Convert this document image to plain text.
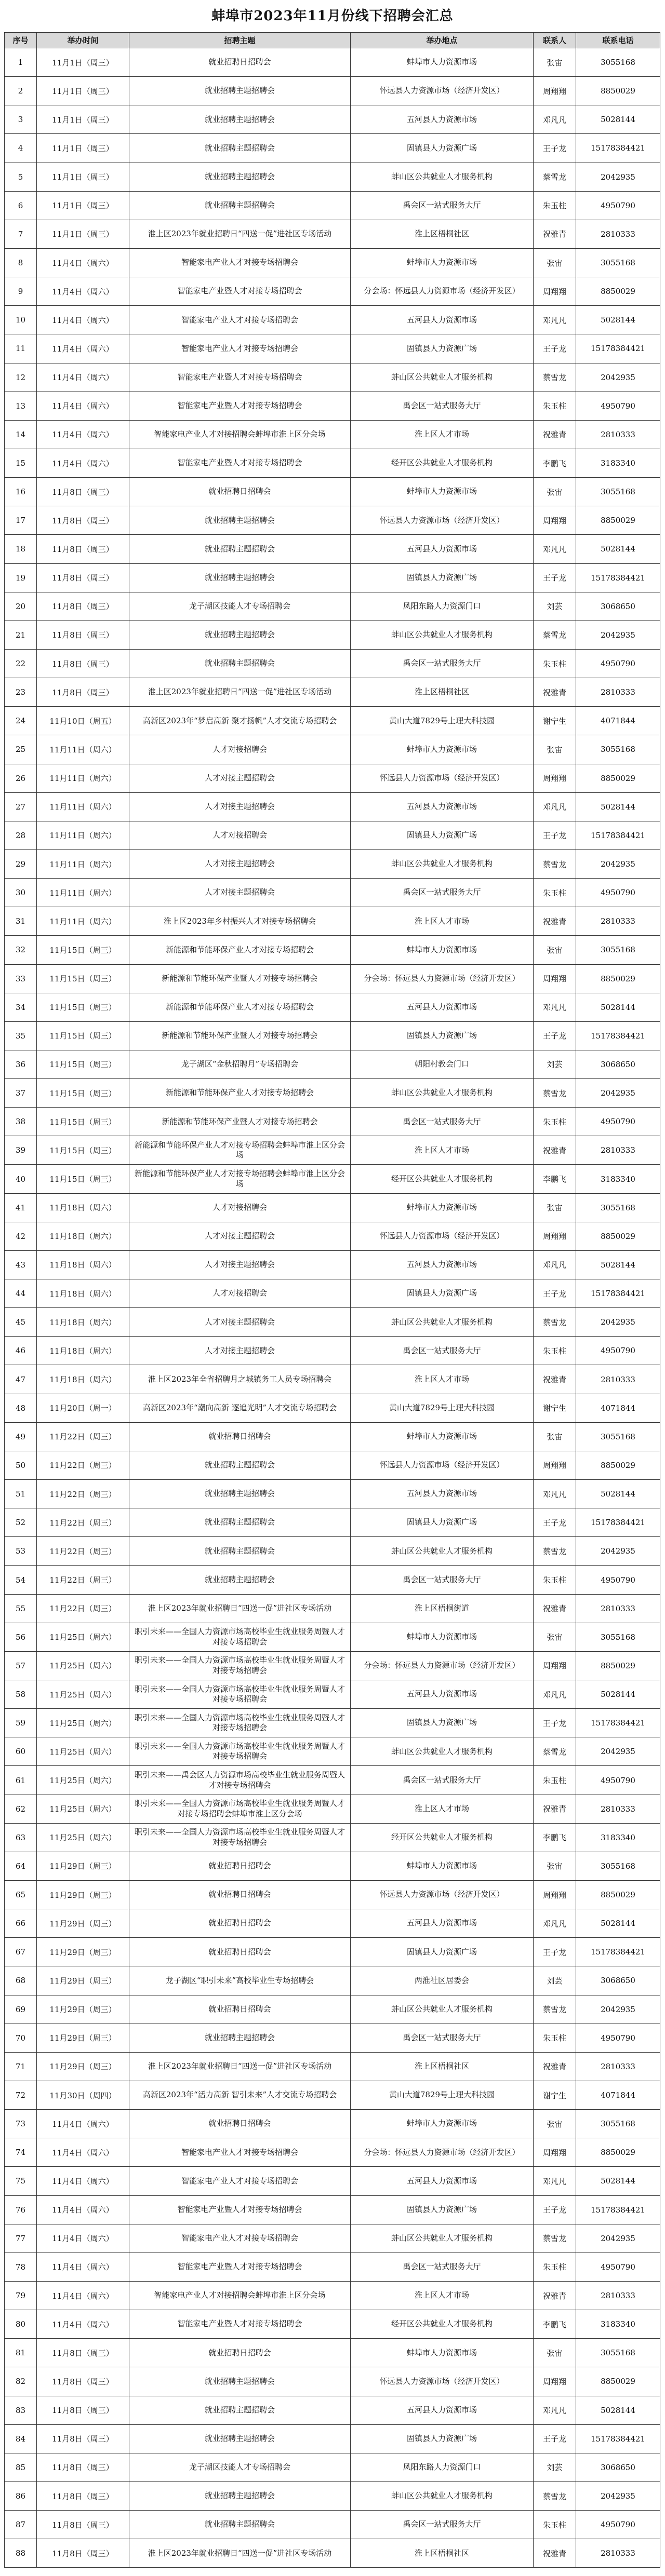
蚌埠市2023年11月份线下招聘会汇总
序号	举办时间	招聘主题	举办地点	联系人	联系电话
1	11月1日（周三）	就业招聘日招聘会	蚌埠市人力资源市场	张宙	3055168
2	11月1日（周三）	就业招聘主题招聘会	怀远县人力资源市场（经济开发区）	周翔翔	8850029
3	11月1日（周三）	就业招聘主题招聘会	五河县人力资源市场	邓凡凡	5028144
4	11月1日（周三）	就业招聘主题招聘会	固镇县人力资源广场	王子龙	15178384421
5	11月1日（周三）	就业招聘主题招聘会	蚌山区公共就业人才服务机构	蔡雪龙	2042935
6	11月1日（周三）	就业招聘主题招聘会	禹会区一站式服务大厅	朱玉柱	4950790
7	11月1日（周三）	淮上区2023年就业招聘日“四送一促”进社区专场活动	淮上区梧桐社区	祝雅青	2810333
8	11月4日（周六）	智能家电产业人才对接专场招聘会	蚌埠市人力资源市场	张宙	3055168
9	11月4日（周六）	智能家电产业暨人才对接专场招聘会	分会场：怀远县人力资源市场（经济开发区）	周翔翔	8850029
10	11月4日（周六）	智能家电产业人才对接专场招聘会	五河县人力资源市场	邓凡凡	5028144
11	11月4日（周六）	智能家电产业人才对接专场招聘会	固镇县人力资源广场	王子龙	15178384421
12	11月4日（周六）	智能家电产业暨人才对接专场招聘会	蚌山区公共就业人才服务机构	蔡雪龙	2042935
13	11月4日（周六）	智能家电产业暨人才对接专场招聘会	禹会区一站式服务大厅	朱玉柱	4950790
14	11月4日（周六）	智能家电产业人才对接招聘会蚌埠市淮上区分会场	淮上区人才市场	祝雅青	2810333
15	11月4日（周六）	智能家电产业暨人才对接专场招聘会	经开区公共就业人才服务机构	李鹏飞	3183340
16	11月8日（周三）	就业招聘日招聘会	蚌埠市人力资源市场	张宙	3055168
17	11月8日（周三）	就业招聘主题招聘会	怀远县人力资源市场（经济开发区）	周翔翔	8850029
18	11月8日（周三）	就业招聘主题招聘会	五河县人力资源市场	邓凡凡	5028144
19	11月8日（周三）	就业招聘主题招聘会	固镇县人力资源广场	王子龙	15178384421
20	11月8日（周三）	龙子湖区技能人才专场招聘会	凤阳东路人力资源门口	刘芸	3068650
21	11月8日（周三）	就业招聘主题招聘会	蚌山区公共就业人才服务机构	蔡雪龙	2042935
22	11月8日（周三）	就业招聘主题招聘会	禹会区一站式服务大厅	朱玉柱	4950790
23	11月8日（周三）	淮上区2023年就业招聘日“四送一促”进社区专场活动	淮上区梧桐社区	祝雅青	2810333
24	11月10日（周五）	高新区2023年“梦启高新 聚才扬帆”人才交流专场招聘会	黄山大道7829号上理大科技园	谢宁生	4071844
25	11月11日（周六）	人才对接招聘会	蚌埠市人力资源市场	张宙	3055168
26	11月11日（周六）	人才对接主题招聘会	怀远县人力资源市场（经济开发区）	周翔翔	8850029
27	11月11日（周六）	人才对接主题招聘会	五河县人力资源市场	邓凡凡	5028144
28	11月11日（周六）	人才对接招聘会	固镇县人力资源广场	王子龙	15178384421
29	11月11日（周六）	人才对接主题招聘会	蚌山区公共就业人才服务机构	蔡雪龙	2042935
30	11月11日（周六）	人才对接主题招聘会	禹会区一站式服务大厅	朱玉柱	4950790
31	11月11日（周六）	淮上区2023年乡村振兴人才对接专场招聘会	淮上区人才市场	祝雅青	2810333
32	11月15日（周三）	新能源和节能环保产业人才对接专场招聘会	蚌埠市人力资源市场	张宙	3055168
33	11月15日（周三）	新能源和节能环保产业暨人才对接专场招聘会	分会场：怀远县人力资源市场（经济开发区）	周翔翔	8850029
34	11月15日（周三）	新能源和节能环保产业人才对接专场招聘会	五河县人力资源市场	邓凡凡	5028144
35	11月15日（周三）	新能源和节能环保产业暨人才对接专场招聘会	固镇县人力资源广场	王子龙	15178384421
36	11月15日（周三）	龙子湖区“金秋招聘月”专场招聘会	朝阳村教会门口	刘芸	3068650
37	11月15日（周三）	新能源和节能环保产业人才对接专场招聘会	蚌山区公共就业人才服务机构	蔡雪龙	2042935
38	11月15日（周三）	新能源和节能环保产业暨人才对接专场招聘会	禹会区一站式服务大厅	朱玉柱	4950790
39	11月15日（周三）	新能源和节能环保产业人才对接专场招聘会蚌埠市淮上区分会场	淮上区人才市场	祝雅青	2810333
40	11月15日（周三）	新能源和节能环保产业人才对接专场招聘会蚌埠市淮上区分会场	经开区公共就业人才服务机构	李鹏飞	3183340
41	11月18日（周六）	人才对接招聘会	蚌埠市人力资源市场	张宙	3055168
42	11月18日（周六）	人才对接主题招聘会	怀远县人力资源市场（经济开发区）	周翔翔	8850029
43	11月18日（周六）	人才对接主题招聘会	五河县人力资源市场	邓凡凡	5028144
44	11月18日（周六）	人才对接招聘会	固镇县人力资源广场	王子龙	15178384421
45	11月18日（周六）	人才对接主题招聘会	蚌山区公共就业人才服务机构	蔡雪龙	2042935
46	11月18日（周六）	人才对接主题招聘会	禹会区一站式服务大厅	朱玉柱	4950790
47	11月18日（周六）	淮上区2023年全省招聘月之城镇务工人员专场招聘会	淮上区人才市场	祝雅青	2810333
48	11月20日（周一）	高新区2023年“潮向高新 逐追光明”人才交流专场招聘会	黄山大道7829号上理大科技园	谢宁生	4071844
49	11月22日（周三）	就业招聘日招聘会	蚌埠市人力资源市场	张宙	3055168
50	11月22日（周三）	就业招聘主题招聘会	怀远县人力资源市场（经济开发区）	周翔翔	8850029
51	11月22日（周三）	就业招聘主题招聘会	五河县人力资源市场	邓凡凡	5028144
52	11月22日（周三）	就业招聘主题招聘会	固镇县人力资源广场	王子龙	15178384421
53	11月22日（周三）	就业招聘主题招聘会	蚌山区公共就业人才服务机构	蔡雪龙	2042935
54	11月22日（周三）	就业招聘主题招聘会	禹会区一站式服务大厅	朱玉柱	4950790
55	11月22日（周三）	淮上区2023年就业招聘日“四送一促”进社区专场活动	淮上区梧桐街道	祝雅青	2810333
56	11月25日（周六）	职引未来——全国人力资源市场高校毕业生就业服务周暨人才对接专场招聘会	蚌埠市人力资源市场	张宙	3055168
57	11月25日（周六）	职引未来——全国人力资源市场高校毕业生就业服务周暨人才对接专场招聘会	分会场：怀远县人力资源市场（经济开发区）	周翔翔	8850029
58	11月25日（周六）	职引未来——全国人力资源市场高校毕业生就业服务周暨人才对接专场招聘会	五河县人力资源市场	邓凡凡	5028144
59	11月25日（周六）	职引未来——全国人力资源市场高校毕业生就业服务周暨人才对接专场招聘会	固镇县人力资源广场	王子龙	15178384421
60	11月25日（周六）	职引未来——全国人力资源市场高校毕业生就业服务周暨人才对接专场招聘会	蚌山区公共就业人才服务机构	蔡雪龙	2042935
61	11月25日（周六）	职引未来——禹会区人力资源市场高校毕业生就业服务周暨人才对接专场招聘会	禹会区一站式服务大厅	朱玉柱	4950790
62	11月25日（周六）	职引未来——全国人力资源市场高校毕业生就业服务周暨人才对接专场招聘会蚌埠市淮上区分会场	淮上区人才市场	祝雅青	2810333
63	11月25日（周六）	职引未来——全国人力资源市场高校毕业生就业服务周暨人才对接专场招聘会	经开区公共就业人才服务机构	李鹏飞	3183340
64	11月29日（周三）	就业招聘日招聘会	蚌埠市人力资源市场	张宙	3055168
65	11月29日（周三）	就业招聘日招聘会	怀远县人力资源市场（经济开发区）	周翔翔	8850029
66	11月29日（周三）	就业招聘日招聘会	五河县人力资源市场	邓凡凡	5028144
67	11月29日（周三）	就业招聘日招聘会	固镇县人力资源广场	王子龙	15178384421
68	11月29日（周三）	龙子湖区“职引未来”高校毕业生专场招聘会	两淮社区居委会	刘芸	3068650
69	11月29日（周三）	就业招聘日招聘会	蚌山区公共就业人才服务机构	蔡雪龙	2042935
70	11月29日（周三）	就业招聘主题招聘会	禹会区一站式服务大厅	朱玉柱	4950790
71	11月29日（周三）	淮上区2023年就业招聘日“四送一促”进社区专场活动	淮上区梧桐社区	祝雅青	2810333
72	11月30日（周四）	高新区2023年“活力高新 智引未来”人才交流专场招聘会	黄山大道7829号上理大科技园	谢宁生	4071844
73	11月4日（周六）	就业招聘日招聘会	蚌埠市人力资源市场	张宙	3055168
74	11月4日（周六）	智能家电产业人才对接专场招聘会	分会场：怀远县人力资源市场（经济开发区）	周翔翔	8850029
75	11月4日（周六）	智能家电产业人才对接专场招聘会	五河县人力资源市场	邓凡凡	5028144
76	11月4日（周六）	智能家电产业暨人才对接专场招聘会	固镇县人力资源广场	王子龙	15178384421
77	11月4日（周六）	智能家电产业人才对接专场招聘会	蚌山区公共就业人才服务机构	蔡雪龙	2042935
78	11月4日（周六）	智能家电产业暨人才对接专场招聘会	禹会区一站式服务大厅	朱玉柱	4950790
79	11月4日（周六）	智能家电产业人才对接招聘会蚌埠市淮上区分会场	淮上区人才市场	祝雅青	2810333
80	11月4日（周六）	智能家电产业暨人才对接专场招聘会	经开区公共就业人才服务机构	李鹏飞	3183340
81	11月8日（周三）	就业招聘日招聘会	蚌埠市人力资源市场	张宙	3055168
82	11月8日（周三）	就业招聘主题招聘会	怀远县人力资源市场（经济开发区）	周翔翔	8850029
83	11月8日（周三）	就业招聘主题招聘会	五河县人力资源市场	邓凡凡	5028144
84	11月8日（周三）	就业招聘主题招聘会	固镇县人力资源广场	王子龙	15178384421
85	11月8日（周三）	龙子湖区技能人才专场招聘会	凤阳东路人力资源门口	刘芸	3068650
86	11月8日（周三）	就业招聘主题招聘会	蚌山区公共就业人才服务机构	蔡雪龙	2042935
87	11月8日（周三）	就业招聘主题招聘会	禹会区一站式服务大厅	朱玉柱	4950790
88	11月8日（周三）	淮上区2023年就业招聘日“四送一促”进社区专场活动	淮上区梧桐社区	祝雅青	2810333
